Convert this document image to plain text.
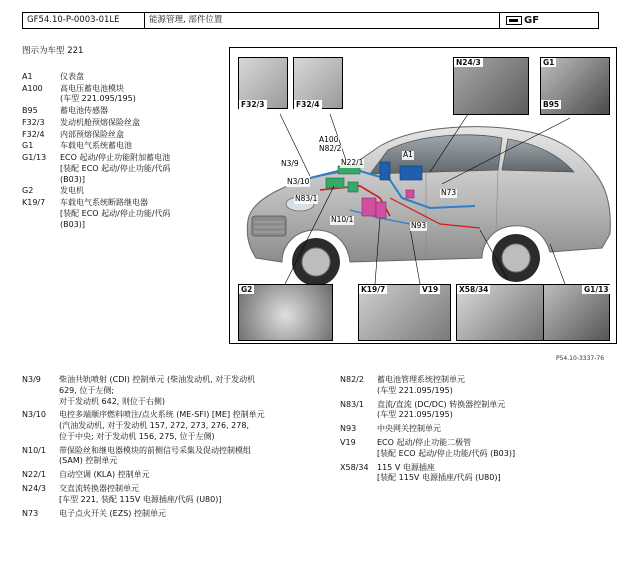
GF54.10-P-0003-01LE	能源管理, 部件位置	GF
图示为车型 221
A1	仪表盘
A100	高电压蓄电池模块
(车型 221.095/195)
B95	蓄电池传感器
F32/3	发动机舱预熔保险丝盒
F32/4	内部预熔保险丝盒
G1	车载电气系统蓄电池
G1/13	ECO 起动/停止功能附加蓄电池
[装配 ECO 起动/停止功能/代码
(B03)]
G2	发电机
K19/7	车载电气系统断路继电器
[装配 ECO 起动/停止功能/代码
(B03)]
F32/3	F32/4
N24/3	G1
B95
G2	K19/7	V19	X58/34	G1/13
A100
N82/2
N3/9	N22/1
A1
N3/10
N73
N83/1
N10/1
N93
P54.10-3337-76
N3/9	柴油共轨喷射 (CDI) 控制单元 (柴油发动机, 对于发动机
629, 位于左侧;
对于发动机 642, 则位于右侧)
N3/10	电控多端顺序燃料喷注/点火系统 (ME-SFI) [ME] 控制单元
(汽油发动机, 对于发动机 157, 272, 273, 276, 278,
位于中央; 对于发动机 156, 275, 位于左侧)
N10/1	带保险丝和继电器模块的前侧信号采集及促动控制模组
(SAM) 控制单元
N22/1	自动空调 (KLA) 控制单元
N24/3	交直流转换器控制单元
[车型 221, 装配 115V 电源插座/代码 (U80)]
N73	电子点火开关 (EZS) 控制单元
N82/2	蓄电池管理系统控制单元
(车型 221.095/195)
N83/1	直流/直流 (DC/DC) 转换器控制单元
(车型 221.095/195)
N93	中央网关控制单元
V19	ECO 起动/停止功能二极管
[装配 ECO 起动/停止功能/代码 (B03)]
X58/34	115 V 电源插座
[装配 115V 电源插座/代码 (U80)]
